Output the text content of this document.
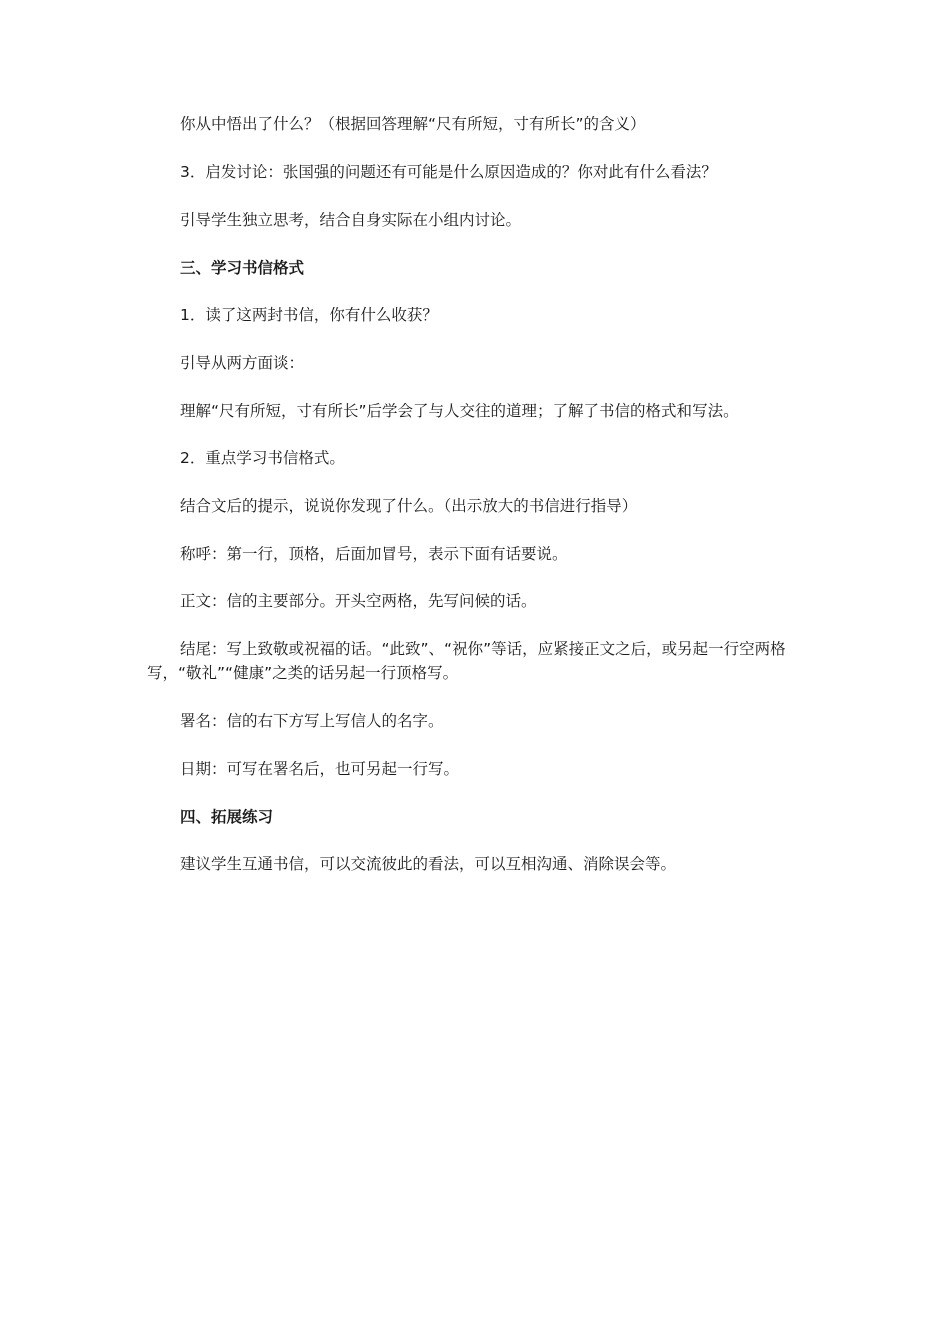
你从中悟出了什么？（根据回答理解“尺有所短，寸有所长”的含义）

3．启发讨论：张国强的问题还有可能是什么原因造成的？你对此有什么看法？

引导学生独立思考，结合自身实际在小组内讨论。

三、学习书信格式

1．读了这两封书信，你有什么收获？

引导从两方面谈：

理解“尺有所短，寸有所长”后学会了与人交往的道理；了解了书信的格式和写法。

2．重点学习书信格式。

结合文后的提示，说说你发现了什么。（出示放大的书信进行指导）

称呼：第一行，顶格，后面加冒号，表示下面有话要说。

正文：信的主要部分。开头空两格，先写问候的话。

结尾：写上致敬或祝福的话。“此致”、“祝你”等话，应紧接正文之后，或另起一行空两格写，“敬礼”“健康”之类的话另起一行顶格写。

署名：信的右下方写上写信人的名字。

日期：可写在署名后，也可另起一行写。

四、拓展练习

建议学生互通书信，可以交流彼此的看法，可以互相沟通、消除误会等。
